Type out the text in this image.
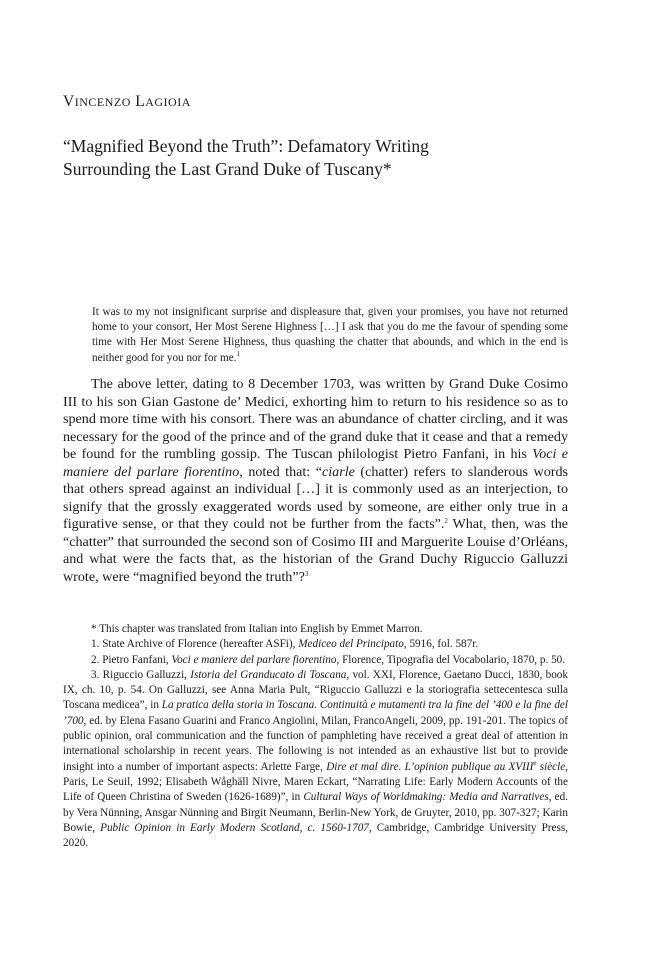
VINCENZO LAGIOIA
“Magnified Beyond the Truth”: Defamatory Writing
Surrounding the Last Grand Duke of Tuscany*
It was to my not insignificant surprise and displeasure that, given your promises, you have not returned home to your consort, Her Most Serene Highness […] I ask that you do me the favour of spending some time with Her Most Serene Highness, thus quashing the chatter that abounds, and which in the end is neither good for you nor for me.$^1$
The above letter, dating to 8 December 1703, was written by Grand Duke Cosimo III to his son Gian Gastone de’ Medici, exhorting him to return to his residence so as to spend more time with his consort. There was an abundance of chatter circling, and it was necessary for the good of the prince and of the grand duke that it cease and that a remedy be found for the rumbling gossip. The Tuscan philologist Pietro Fanfani, in his Voci e maniere del parlare fiorentino, noted that: “ciarle (chatter) refers to slanderous words that others spread against an individual […] it is commonly used as an interjection, to signify that the grossly exaggerated words used by someone, are either only true in a figurative sense, or that they could not be further from the facts”.$^2$ What, then, was the “chatter” that surrounded the second son of Cosimo III and Marguerite Louise d’Orléans, and what were the facts that, as the historian of the Grand Duchy Riguccio Galluzzi wrote, were “magnified beyond the truth”?$^3$

* This chapter was translated from Italian into English by Emmet Marron.

1. State Archive of Florence (hereafter ASFi), Mediceo del Principato, 5916, fol. 587r.

2. Pietro Fanfani, Voci e maniere del parlare fiorentino, Florence, Tipografia del Vocabolario, 1870, p. 50.

3. Riguccio Galluzzi, Istoria del Granducato di Toscana, vol. XXI, Florence, Gaetano Ducci, 1830, book IX, ch. 10, p. 54. On Galluzzi, see Anna Maria Pult, “Riguccio Galluzzi e la storiografia settecentesca sulla Toscana medicea”, in La pratica della storia in Toscana. Continuità e mutamenti tra la fine del ’400 e la fine del ’700, ed. by Elena Fasano Guarini and Franco Angiolini, Milan, FrancoAngeli, 2009, pp. 191-201. The topics of public opinion, oral communication and the function of pamphleting have received a great deal of attention in international scholarship in recent years. The following is not intended as an exhaustive list but to provide insight into a number of important aspects: Arlette Farge, Dire et mal dire. L’opinion publique au XVIIIe siècle, Paris, Le Seuil, 1992; Elisabeth Wåghäll Nivre, Maren Eckart, “Narrating Life: Early Modern Accounts of the Life of Queen Christina of Sweden (1626-1689)”, in Cultural Ways of Worldmaking: Media and Narratives, ed. by Vera Nünning, Ansgar Nünning and Birgit Neumann, Berlin-New York, de Gruyter, 2010, pp. 307-327; Karin Bowie, Public Opinion in Early Modern Scotland, c. 1560-1707, Cambridge, Cambridge University Press, 2020.
